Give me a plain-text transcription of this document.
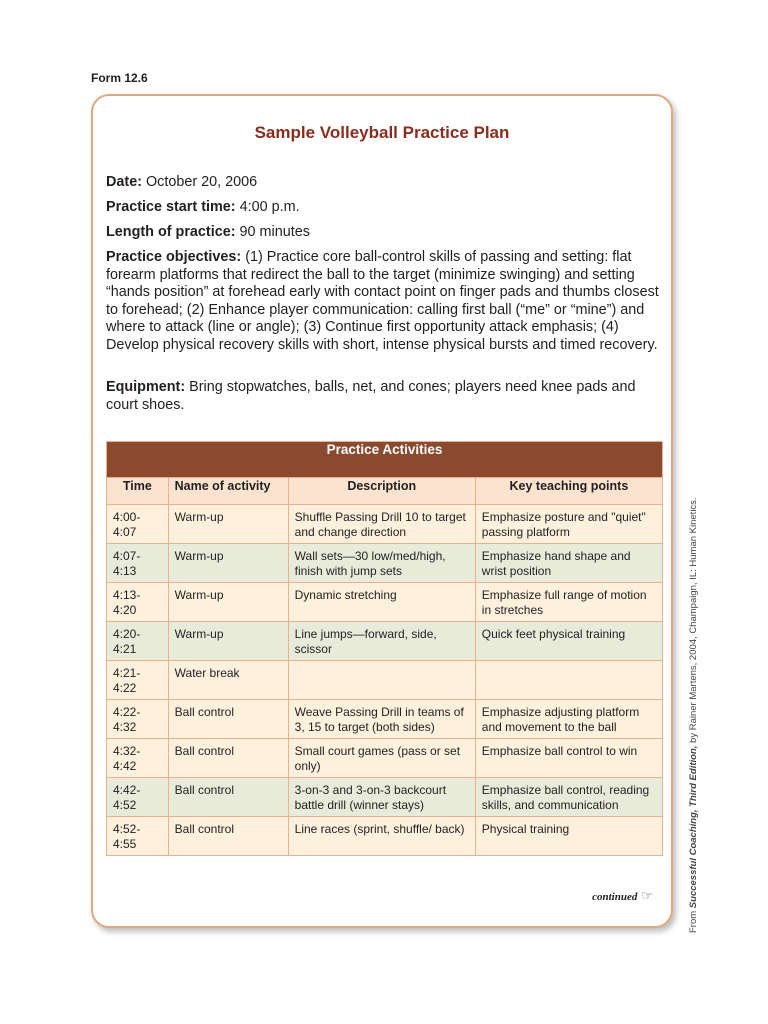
Form 12.6
Sample Volleyball Practice Plan
Date: October 20, 2006
Practice start time: 4:00 p.m.
Length of practice: 90 minutes
Practice objectives: (1) Practice core ball-control skills of passing and setting: flat forearm platforms that redirect the ball to the target (minimize swinging) and setting “hands position” at forehead early with contact point on finger pads and thumbs closest to forehead; (2) Enhance player communication: calling first ball (“me” or “mine”) and where to attack (line or angle); (3) Continue first opportunity attack emphasis; (4) Develop physical recovery skills with short, intense physical bursts and timed recovery.
Equipment: Bring stopwatches, balls, net, and cones; players need knee pads and court shoes.
Practice Activities			
Time	Name of activity	Description	Key teaching points
4:00-4:07	Warm-up	Shuffle Passing Drill 10 to target and change direction	Emphasize posture and "quiet" passing platform
4:07-4:13	Warm-up	Wall sets—30 low/med/high, finish with jump sets	Emphasize hand shape and wrist position
4:13-4:20	Warm-up	Dynamic stretching	Emphasize full range of motion in stretches
4:20-4:21	Warm-up	Line jumps—forward, side, scissor	Quick feet physical training
4:21-4:22	Water break		
4:22-4:32	Ball control	Weave Passing Drill in teams of 3, 15 to target (both sides)	Emphasize adjusting platform and movement to the ball
4:32-4:42	Ball control	Small court games (pass or set only)	Emphasize ball control to win
4:42-4:52	Ball control	3-on-3 and 3-on-3 backcourt battle drill (winner stays)	Emphasize ball control, reading skills, and communication
4:52-4:55	Ball control	Line races (sprint, shuffle/ back)	Physical training
continued ☞
From Successful Coaching, Third Edition, by Rainer Martens, 2004, Champaign, IL: Human Kinetics.
